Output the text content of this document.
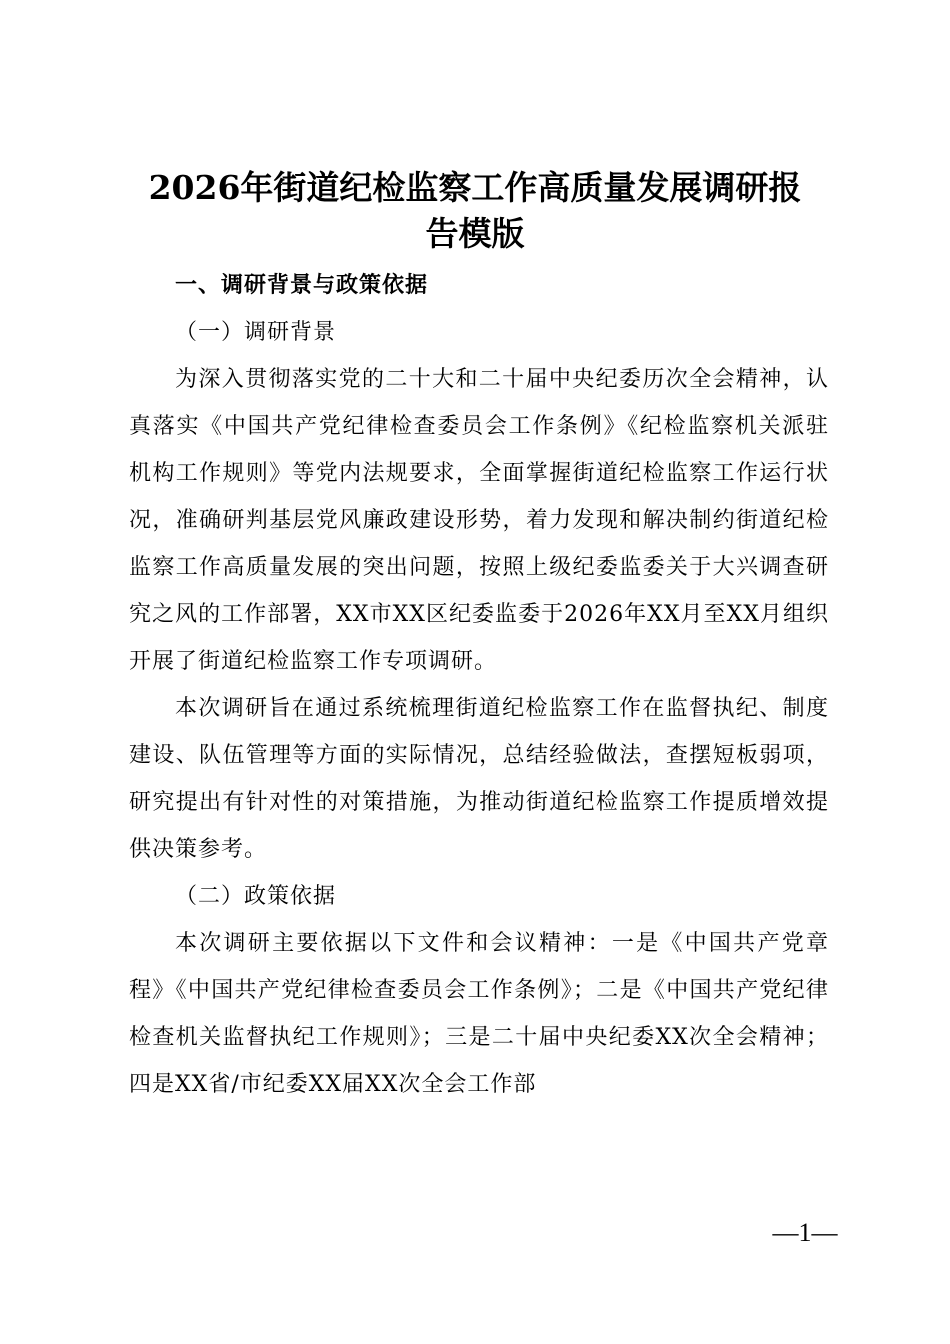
2026年街道纪检监察工作高质量发展调研报
告模版
一、调研背景与政策依据
（一）调研背景

为深入贯彻落实党的二十大和二十届中央纪委历次全会精神，认真落实《中国共产党纪律检查委员会工作条例》《纪检监察机关派驻机构工作规则》等党内法规要求，全面掌握街道纪检监察工作运行状况，准确研判基层党风廉政建设形势，着力发现和解决制约街道纪检监察工作高质量发展的突出问题，按照上级纪委监委关于大兴调查研究之风的工作部署，XX市XX区纪委监委于2026年XX月至XX月组织开展了街道纪检监察工作专项调研。

本次调研旨在通过系统梳理街道纪检监察工作在监督执纪、制度建设、队伍管理等方面的实际情况，总结经验做法，查摆短板弱项，研究提出有针对性的对策措施，为推动街道纪检监察工作提质增效提供决策参考。

（二）政策依据

本次调研主要依据以下文件和会议精神：一是《中国共产党章程》《中国共产党纪律检查委员会工作条例》；二是《中国共产党纪律检查机关监督执纪工作规则》；三是二十届中央纪委XX次全会精神；四是XX省/市纪委XX届XX次全会工作部

—1—
